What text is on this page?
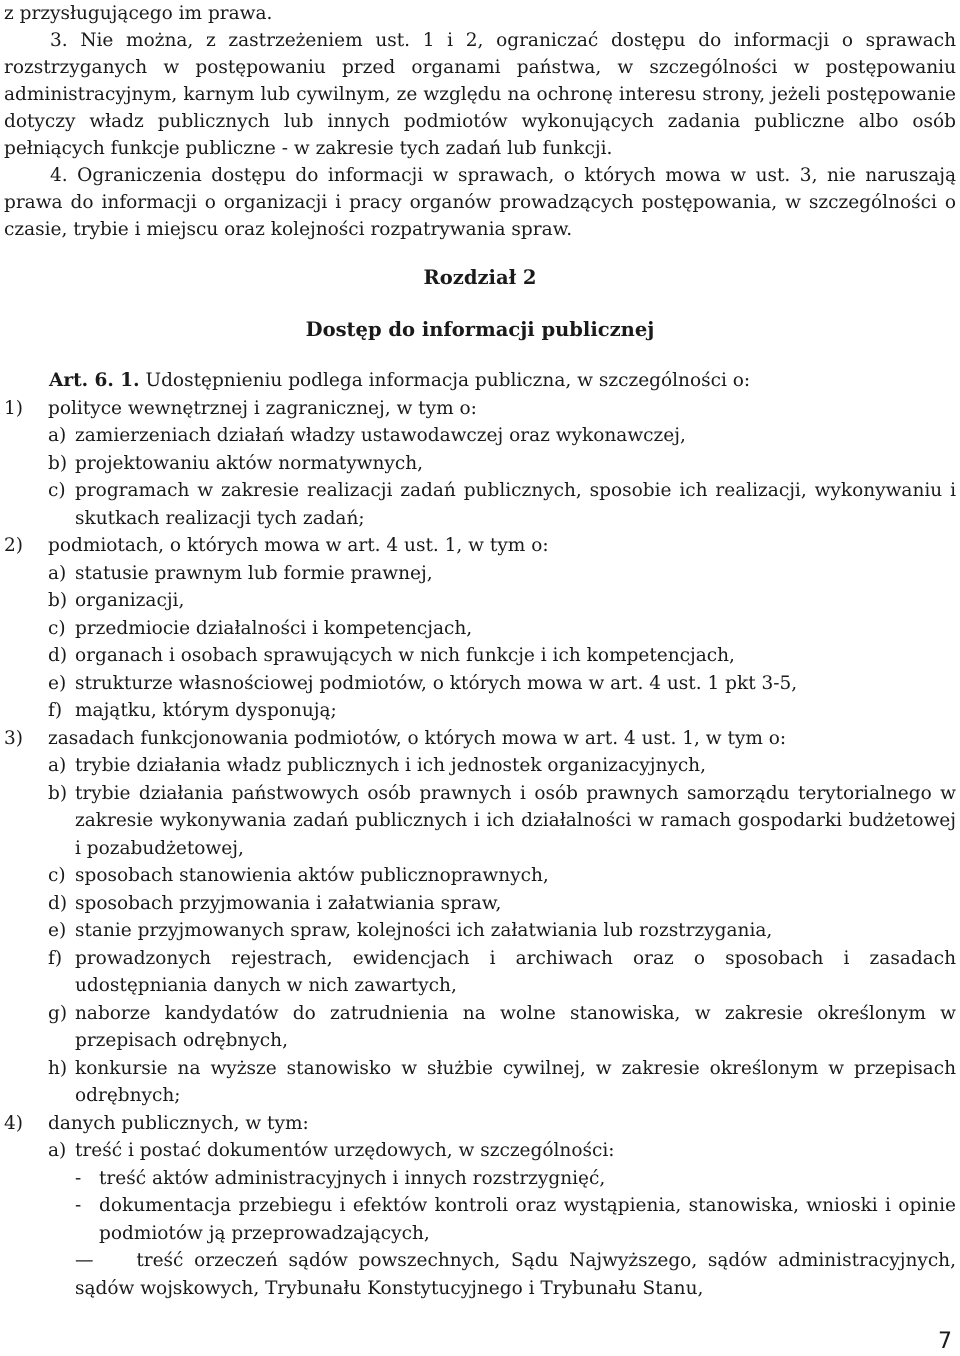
z przysługującego im prawa.

3. Nie można, z zastrzeżeniem ust. 1 i 2, ograniczać dostępu do informacji o sprawach rozstrzyganych w postępowaniu przed organami państwa, w szczególności w postępowaniu administracyjnym, karnym lub cywilnym, ze względu na ochronę interesu strony, jeżeli postępowanie dotyczy władz publicznych lub innych podmiotów wykonujących zadania publiczne albo osób pełniących funkcje publiczne - w zakresie tych zadań lub funkcji.

4. Ograniczenia dostępu do informacji w sprawach, o których mowa w ust. 3, nie naruszają prawa do informacji o organizacji i pracy organów prowadzących postępowania, w szczególności o czasie, trybie i miejscu oraz kolejności rozpatrywania spraw.

Rozdział 2
Dostęp do informacji publicznej

Art. 6. 1. Udostępnieniu podlega informacja publiczna, w szczególności o:

1) polityce wewnętrznej i zagranicznej, w tym o:

a) zamierzeniach działań władzy ustawodawczej oraz wykonawczej,

b) projektowaniu aktów normatywnych,

c) programach w zakresie realizacji zadań publicznych, sposobie ich realizacji, wykonywaniu i skutkach realizacji tych zadań;

2) podmiotach, o których mowa w art. 4 ust. 1, w tym o:

a) statusie prawnym lub formie prawnej,

b) organizacji,

c) przedmiocie działalności i kompetencjach,

d) organach i osobach sprawujących w nich funkcje i ich kompetencjach,

e) strukturze własnościowej podmiotów, o których mowa w art. 4 ust. 1 pkt 3-5,

f) majątku, którym dysponują;

3) zasadach funkcjonowania podmiotów, o których mowa w art. 4 ust. 1, w tym o:

a) trybie działania władz publicznych i ich jednostek organizacyjnych,

b) trybie działania państwowych osób prawnych i osób prawnych samorządu terytorialnego w zakresie wykonywania zadań publicznych i ich działalności w ramach gospodarki budżetowej i pozabudżetowej,

c) sposobach stanowienia aktów publicznoprawnych,

d) sposobach przyjmowania i załatwiania spraw,

e) stanie przyjmowanych spraw, kolejności ich załatwiania lub rozstrzygania,

f) prowadzonych rejestrach, ewidencjach i archiwach oraz o sposobach i zasadach udostępniania danych w nich zawartych,

g) naborze kandydatów do zatrudnienia na wolne stanowiska, w zakresie określonym w przepisach odrębnych,

h) konkursie na wyższe stanowisko w służbie cywilnej, w zakresie określonym w przepisach odrębnych;

4) danych publicznych, w tym:

a) treść i postać dokumentów urzędowych, w szczególności:

- treść aktów administracyjnych i innych rozstrzygnięć,

- dokumentacja przebiegu i efektów kontroli oraz wystąpienia, stanowiska, wnioski i opinie podmiotów ją przeprowadzających,

— treść orzeczeń sądów powszechnych, Sądu Najwyższego, sądów administracyjnych, sądów wojskowych, Trybunału Konstytucyjnego i Trybunału Stanu,

7
